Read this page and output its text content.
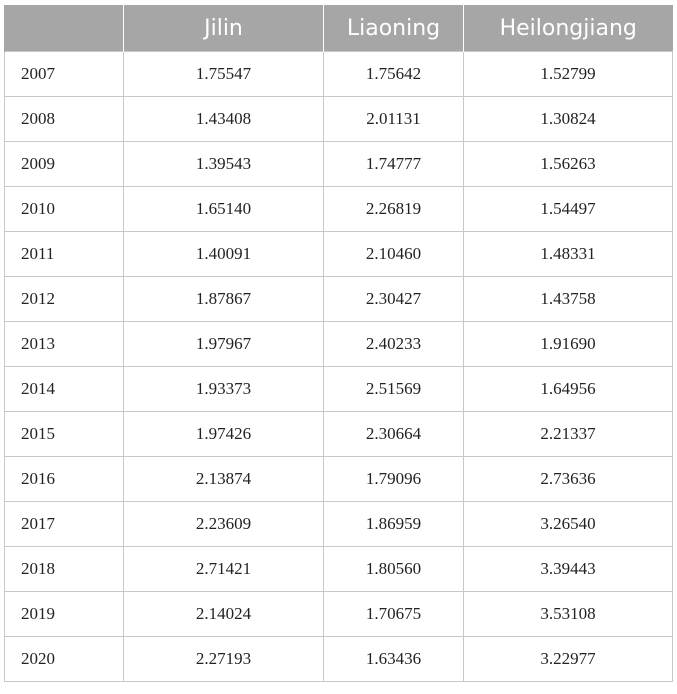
	Jilin	Liaoning	Heilongjiang
2007	1.75547	1.75642	1.52799
2008	1.43408	2.01131	1.30824
2009	1.39543	1.74777	1.56263
2010	1.65140	2.26819	1.54497
2011	1.40091	2.10460	1.48331
2012	1.87867	2.30427	1.43758
2013	1.97967	2.40233	1.91690
2014	1.93373	2.51569	1.64956
2015	1.97426	2.30664	2.21337
2016	2.13874	1.79096	2.73636
2017	2.23609	1.86959	3.26540
2018	2.71421	1.80560	3.39443
2019	2.14024	1.70675	3.53108
2020	2.27193	1.63436	3.22977
